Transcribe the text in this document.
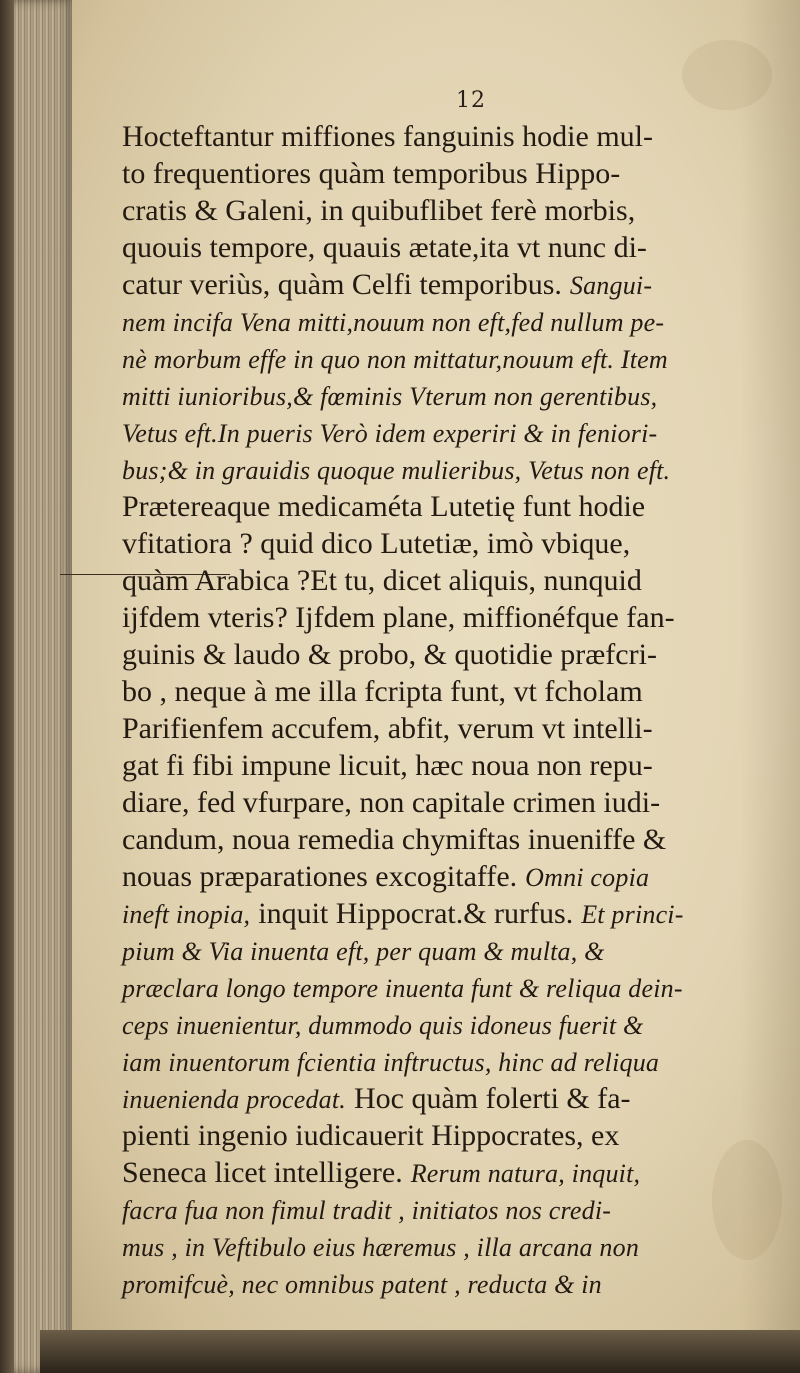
12
Hocteftantur miffiones fanguinis hodie mul-
to frequentiores quàm temporibus Hippo-
cratis & Galeni, in quibuflibet ferè morbis,
quouis tempore, quauis ætate,ita vt nunc di-
catur veriùs, quàm Celfi temporibus. Sangui-
nem incifa Vena mitti,nouum non eft,fed nullum pe-
nè morbum effe in quo non mittatur,nouum eft. Item
mitti iunioribus,& fœminis Vterum non gerentibus,
Vetus eft.In pueris Verò idem experiri & in feniori-
bus;& in grauidis quoque mulieribus, Vetus non eft.
Prætereaque medicaméta Lutetię funt hodie
vfitatiora ? quid dico Lutetiæ, imò vbique,
quàm Arabica ?Et tu, dicet aliquis, nunquid
ijfdem vteris? Ijfdem plane, miffionéfque fan-
guinis & laudo & probo, & quotidie præfcri-
bo , neque à me illa fcripta funt, vt fcholam
Parifienfem accufem, abfit, verum vt intelli-
gat fi fibi impune licuit, hæc noua non repu-
diare, fed vfurpare, non capitale crimen iudi-
candum, noua remedia chymiftas inueniffe &
nouas præparationes excogitaffe. Omni copia
ineft inopia, inquit Hippocrat.& rurfus. Et princi-
pium & Via inuenta eft, per quam & multa, &
præclara longo tempore inuenta funt & reliqua dein-
ceps inuenientur, dummodo quis idoneus fuerit &
iam inuentorum fcientia inftructus, hinc ad reliqua
inuenienda procedat. Hoc quàm folerti & fa-
pienti ingenio iudicauerit Hippocrates, ex
Seneca licet intelligere. Rerum natura, inquit,
facra fua non fimul tradit , initiatos nos credi-
mus , in Veftibulo eius hæremus , illa arcana non
promifcuè, nec omnibus patent , reducta & in
